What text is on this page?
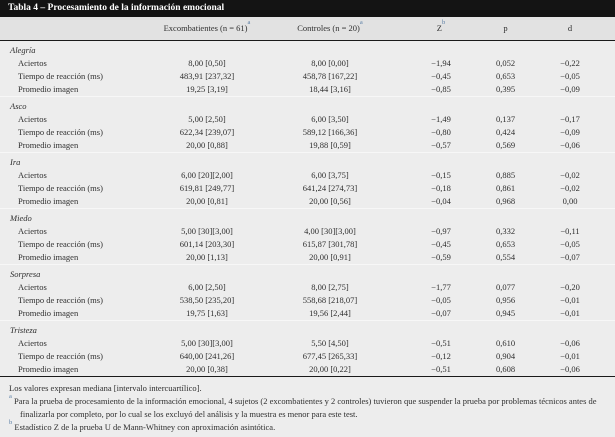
Tabla 4 – Procesamiento de la información emocional
	Excombatientes (n = 61)$^a$	Controles (n = 20)$^a$	$Z^b$	p	d
Alegría					
Aciertos	8,00 [0,50]	8,00 [0,00]	−1,94	0,052	−0,22
Tiempo de reacción (ms)	483,91 [237,32]	458,78 [167,22]	−0,45	0,653	−0,05
Promedio imagen	19,25 [3,19]	18,44 [3,16]	−0,85	0,395	−0,09
Asco					
Aciertos	5,00 [2,50]	6,00 [3,50]	−1,49	0,137	−0,17
Tiempo de reacción (ms)	622,34 [239,07]	589,12 [166,36]	−0,80	0,424	−0,09
Promedio imagen	20,00 [0,88]	19,88 [0,59]	−0,57	0,569	−0,06
Ira					
Aciertos	6,00 [20][2,00]	6,00 [3,75]	−0,15	0,885	−0,02
Tiempo de reacción (ms)	619,81 [249,77]	641,24 [274,73]	−0,18	0,861	−0,02
Promedio imagen	20,00 [0,81]	20,00 [0,56]	−0,04	0,968	0,00
Miedo					
Aciertos	5,00 [30][3,00]	4,00 [30][3,00]	−0,97	0,332	−0,11
Tiempo de reacción (ms)	601,14 [203,30]	615,87 [301,78]	−0,45	0,653	−0,05
Promedio imagen	20,00 [1,13]	20,00 [0,91]	−0,59	0,554	−0,07
Sorpresa					
Aciertos	6,00 [2,50]	8,00 [2,75]	−1,77	0,077	−0,20
Tiempo de reacción (ms)	538,50 [235,20]	558,68 [218,07]	−0,05	0,956	−0,01
Promedio imagen	19,75 [1,63]	19,56 [2,44]	−0,07	0,945	−0,01
Tristeza					
Aciertos	5,00 [30][3,00]	5,50 [4,50]	−0,51	0,610	−0,06
Tiempo de reacción (ms)	640,00 [241,26]	677,45 [265,33]	−0,12	0,904	−0,01
Promedio imagen	20,00 [0,38]	20,00 [0,22]	−0,51	0,608	−0,06
Los valores expresan mediana [intervalo intercuartílico].
$^a$ Para la prueba de procesamiento de la información emocional, 4 sujetos (2 excombatientes y 2 controles) tuvieron que suspender la prueba por problemas técnicos antes de finalizarla por completo, por lo cual se los excluyó del análisis y la muestra es menor para este test.
$^b$ Estadístico Z de la prueba U de Mann-Whitney con aproximación asintótica.
